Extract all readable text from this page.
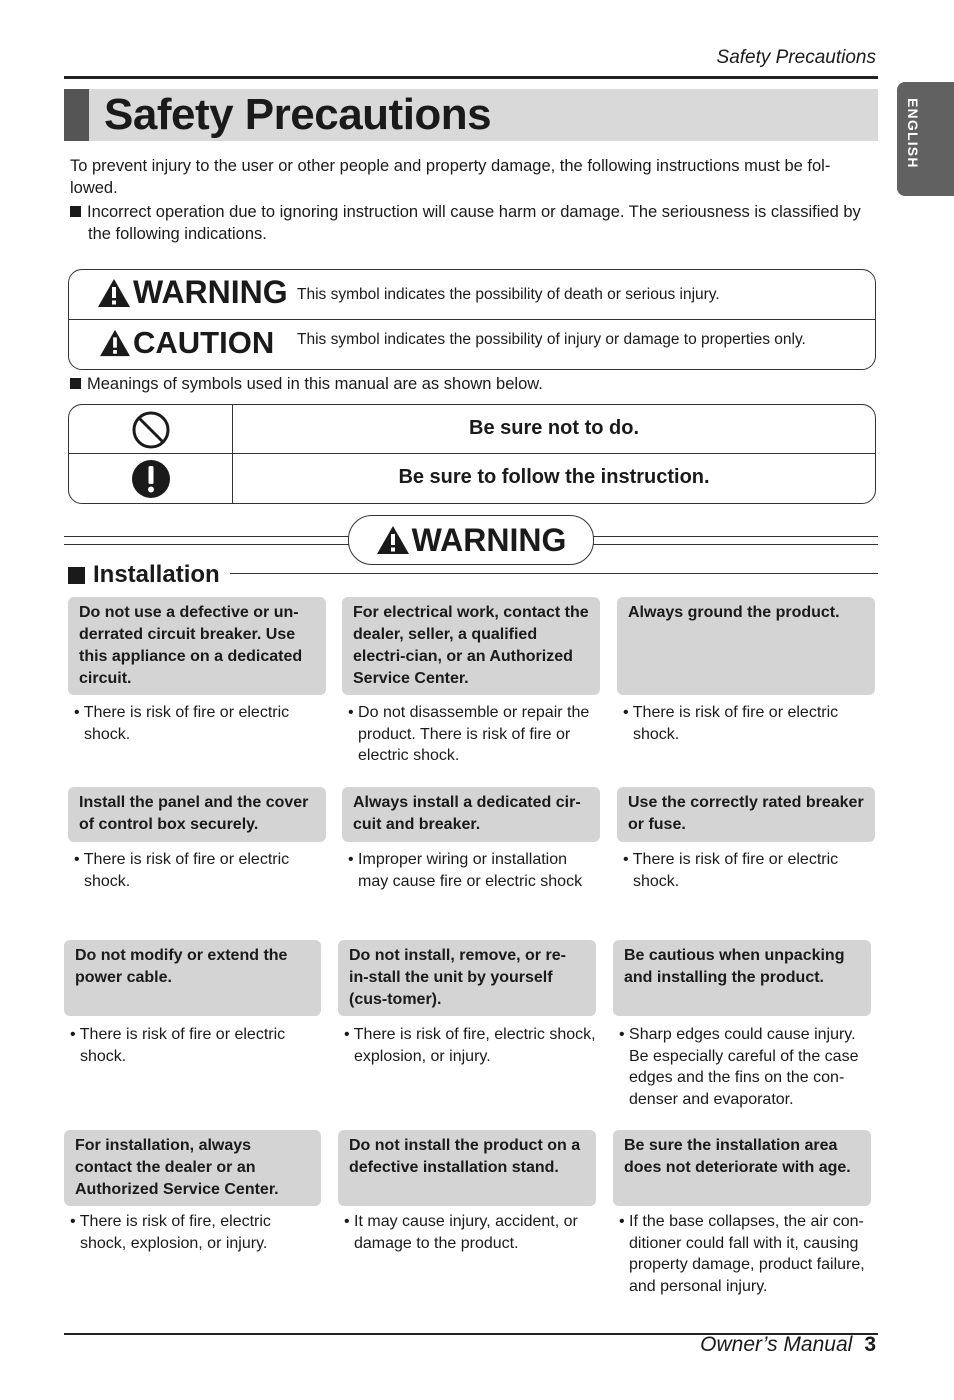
Safety Precautions
Safety Precautions	ENGLISH

To prevent injury to the user or other people and property damage, the following instructions must be fol-lowed.

Incorrect operation due to ignoring instruction will cause harm or damage. The seriousness is classified by the following indications.

WARNING This symbol indicates the possibility of death or serious injury.
CAUTION This symbol indicates the possibility of injury or damage to properties only.
Meanings of symbols used in this manual are as shown below.
Be sure not to do.
Be sure to follow the instruction.
WARNING
Installation
Do not use a defective or un-derrated circuit breaker. Use this appliance on a dedicated circuit.
• There is risk of fire or electric shock.
For electrical work, contact the dealer, seller, a qualified electri-cian, or an Authorized Service Center.
• Do not disassemble or repair the product. There is risk of fire or electric shock.
Always ground the product.
• There is risk of fire or electric shock.
Install the panel and the cover of control box securely.
• There is risk of fire or electric shock.
Always install a dedicated cir-cuit and breaker.
• Improper wiring or installation may cause fire or electric shock
Use the correctly rated breaker or fuse.
• There is risk of fire or electric shock.
Do not modify or extend the power cable.
• There is risk of fire or electric shock.
Do not install, remove, or re-in-stall the unit by yourself (cus-tomer).
• There is risk of fire, electric shock, explosion, or injury.
Be cautious when unpacking and installing the product.
• Sharp edges could cause injury. Be especially careful of the case edges and the fins on the con-denser and evaporator.
For installation, always contact the dealer or an Authorized Service Center.
• There is risk of fire, electric shock, explosion, or injury.
Do not install the product on a defective installation stand.
• It may cause injury, accident, or damage to the product.
Be sure the installation area does not deteriorate with age.
• If the base collapses, the air con-ditioner could fall with it, causing property damage, product failure, and personal injury.
Owner’s Manual 3
